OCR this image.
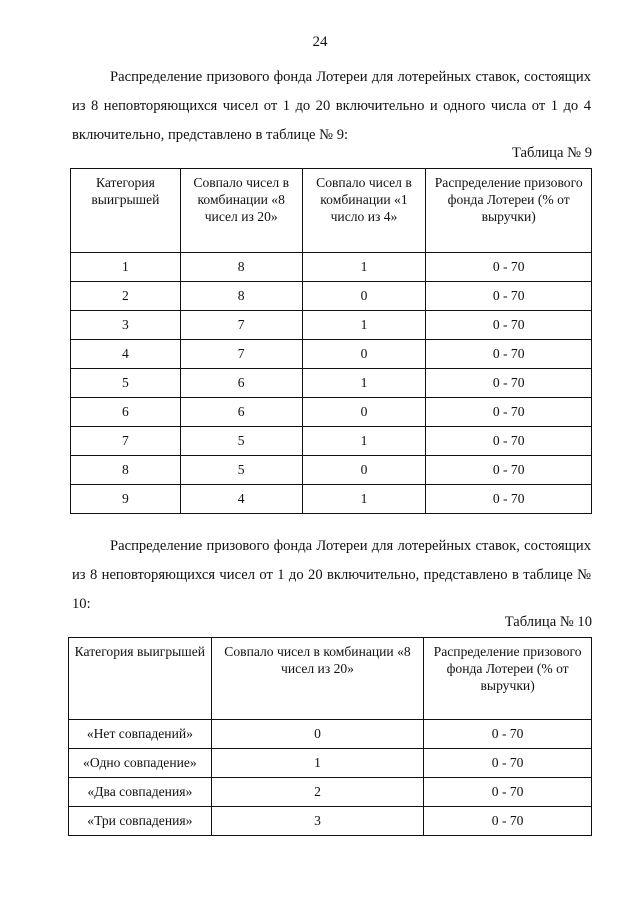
24

Распределение призового фонда Лотереи для лотерейных ставок, состоящих из 8 неповторяющихся чисел от 1 до 20 включительно и одного числа от 1 до 4 включительно, представлено в таблице № 9:

Таблица № 9
Категория выигрышей	Совпало чисел в комбинации «8 чисел из 20»	Совпало чисел в комбинации «1 число из 4»	Распределение призового фонда Лотереи (% от выручки)
1	8	1	0 - 70
2	8	0	0 - 70
3	7	1	0 - 70
4	7	0	0 - 70
5	6	1	0 - 70
6	6	0	0 - 70
7	5	1	0 - 70
8	5	0	0 - 70
9	4	1	0 - 70

Распределение призового фонда Лотереи для лотерейных ставок, состоящих из 8 неповторяющихся чисел от 1 до 20 включительно, представлено в таблице № 10:

Таблица № 10
Категория выигрышей	Совпало чисел в комбинации «8 чисел из 20»	Распределение призового фонда Лотереи (% от выручки)
«Нет совпадений»	0	0 - 70
«Одно совпадение»	1	0 - 70
«Два совпадения»	2	0 - 70
«Три совпадения»	3	0 - 70
